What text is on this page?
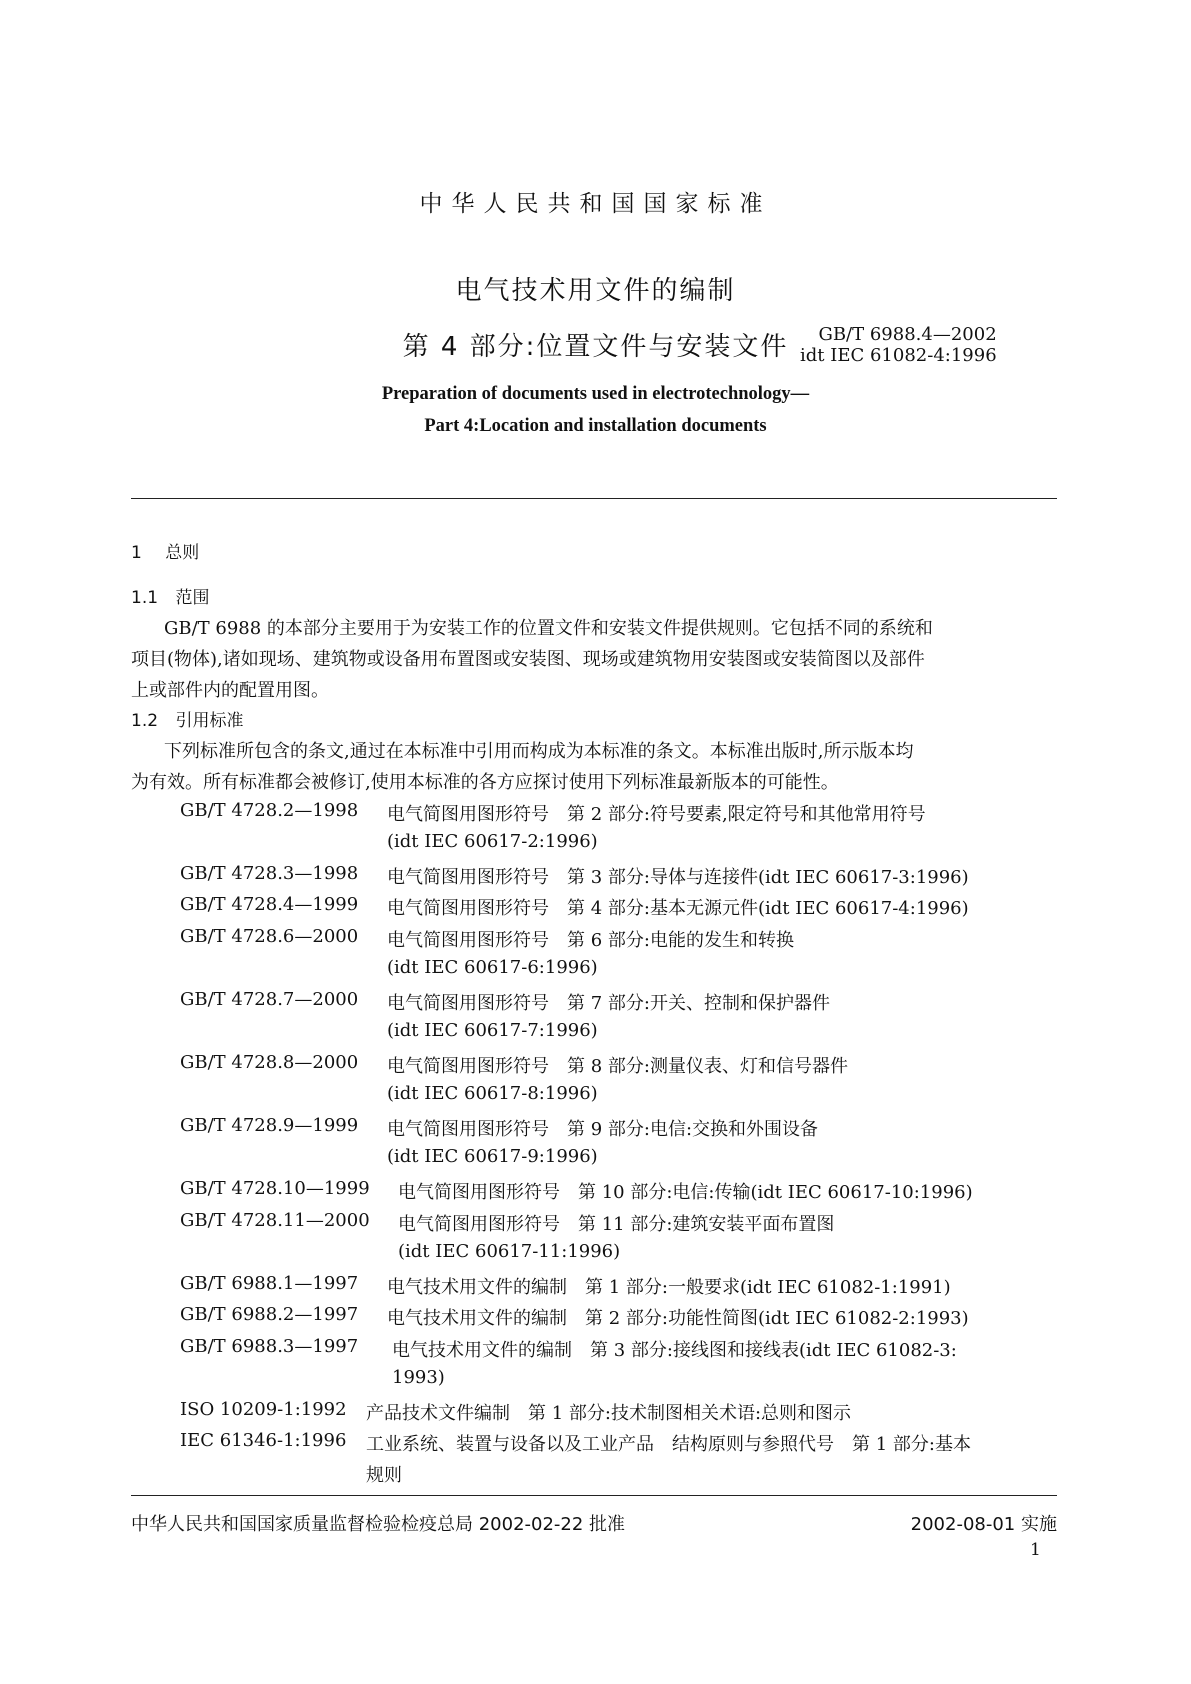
中华人民共和国国家标准
电气技术用文件的编制
第 4 部分:位置文件与安装文件	GB/T 6988.4—2002
idt IEC 61082-4:1996
Preparation of documents used in electrotechnology—
Part 4:Location and installation documents
1 总则
1.1 范围
GB/T 6988 的本部分主要用于为安装工作的位置文件和安装文件提供规则。它包括不同的系统和
项目(物体),诸如现场、建筑物或设备用布置图或安装图、现场或建筑物用安装图或安装简图以及部件
上或部件内的配置用图。
1.2 引用标准
下列标准所包含的条文,通过在本标准中引用而构成为本标准的条文。本标准出版时,所示版本均
为有效。所有标准都会被修订,使用本标准的各方应探讨使用下列标准最新版本的可能性。
GB/T 4728.2—1998 电气简图用图形符号　第 2 部分:符号要素,限定符号和其他常用符号
(idt IEC 60617-2:1996)
GB/T 4728.3—1998 电气简图用图形符号　第 3 部分:导体与连接件(idt IEC 60617-3:1996)
GB/T 4728.4—1999 电气简图用图形符号　第 4 部分:基本无源元件(idt IEC 60617-4:1996)
GB/T 4728.6—2000 电气简图用图形符号　第 6 部分:电能的发生和转换
(idt IEC 60617-6:1996)
GB/T 4728.7—2000 电气简图用图形符号　第 7 部分:开关、控制和保护器件
(idt IEC 60617-7:1996)
GB/T 4728.8—2000 电气简图用图形符号　第 8 部分:测量仪表、灯和信号器件
(idt IEC 60617-8:1996)
GB/T 4728.9—1999 电气简图用图形符号　第 9 部分:电信:交换和外围设备
(idt IEC 60617-9:1996)
GB/T 4728.10—1999 电气简图用图形符号　第 10 部分:电信:传输(idt IEC 60617-10:1996)
GB/T 4728.11—2000 电气简图用图形符号　第 11 部分:建筑安装平面布置图
(idt IEC 60617-11:1996)
GB/T 6988.1—1997 电气技术用文件的编制　第 1 部分:一般要求(idt IEC 61082-1:1991)
GB/T 6988.2—1997 电气技术用文件的编制　第 2 部分:功能性简图(idt IEC 61082-2:1993)
GB/T 6988.3—1997 电气技术用文件的编制　第 3 部分:接线图和接线表(idt IEC 61082-3:
1993)
ISO 10209-1:1992 产品技术文件编制　第 1 部分:技术制图相关术语:总则和图示
IEC 61346-1:1996 工业系统、装置与设备以及工业产品　结构原则与参照代号　第 1 部分:基本
规则
中华人民共和国国家质量监督检验检疫总局 2002-02-22 批准	2002-08-01 实施
1
